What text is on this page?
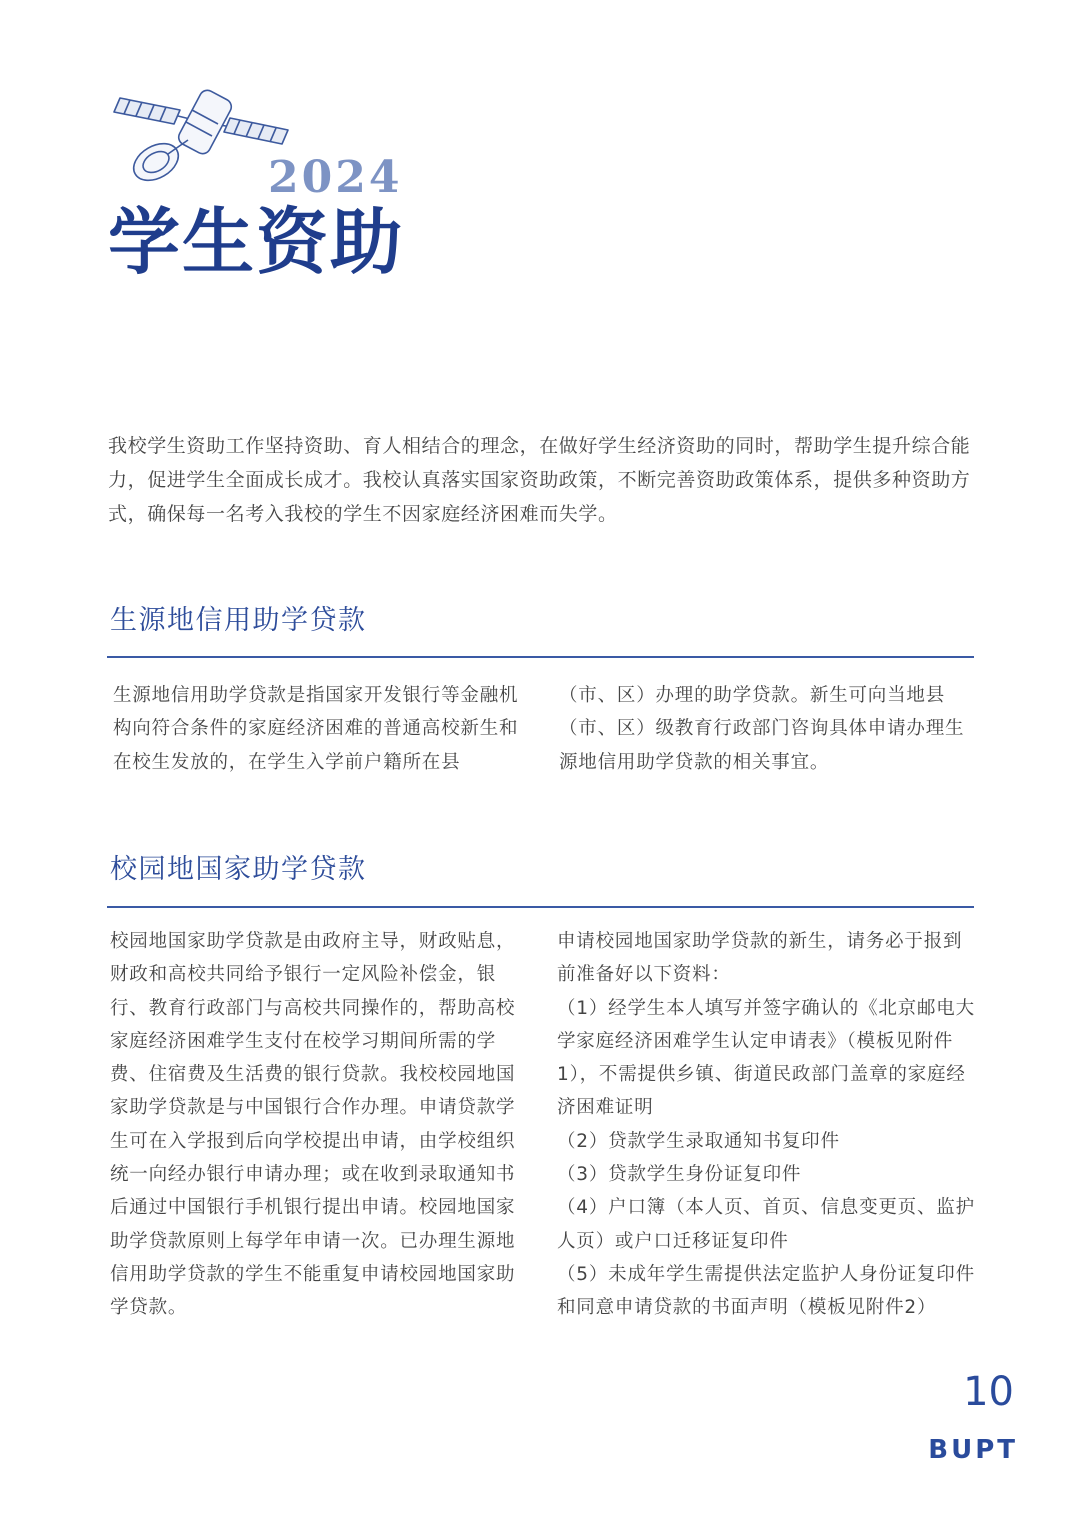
2024
学生资助
我校学生资助工作坚持资助、育人相结合的理念，在做好学生经济资助的同时，帮助学生提升综合能力，促进学生全面成长成才。我校认真落实国家资助政策，不断完善资助政策体系，提供多种资助方式，确保每一名考入我校的学生不因家庭经济困难而失学。
生源地信用助学贷款

生源地信用助学贷款是指国家开发银行等金融机构向符合条件的家庭经济困难的普通高校新生和在校生发放的，在学生入学前户籍所在县

（市、区）办理的助学贷款。新生可向当地县（市、区）级教育行政部门咨询具体申请办理生源地信用助学贷款的相关事宜。

校园地国家助学贷款

校园地国家助学贷款是由政府主导，财政贴息，财政和高校共同给予银行一定风险补偿金，银行、教育行政部门与高校共同操作的，帮助高校家庭经济困难学生支付在校学习期间所需的学费、住宿费及生活费的银行贷款。我校校园地国家助学贷款是与中国银行合作办理。申请贷款学生可在入学报到后向学校提出申请，由学校组织统一向经办银行申请办理；或在收到录取通知书后通过中国银行手机银行提出申请。校园地国家助学贷款原则上每学年申请一次。已办理生源地信用助学贷款的学生不能重复申请校园地国家助学贷款。

申请校园地国家助学贷款的新生，请务必于报到前准备好以下资料：

（1）经学生本人填写并签字确认的《北京邮电大学家庭经济困难学生认定申请表》（模板见附件1），不需提供乡镇、街道民政部门盖章的家庭经济困难证明

（2）贷款学生录取通知书复印件

（3）贷款学生身份证复印件

（4）户口簿（本人页、首页、信息变更页、监护人页）或户口迁移证复印件

（5）未成年学生需提供法定监护人身份证复印件和同意申请贷款的书面声明（模板见附件2）

10
BUPT
